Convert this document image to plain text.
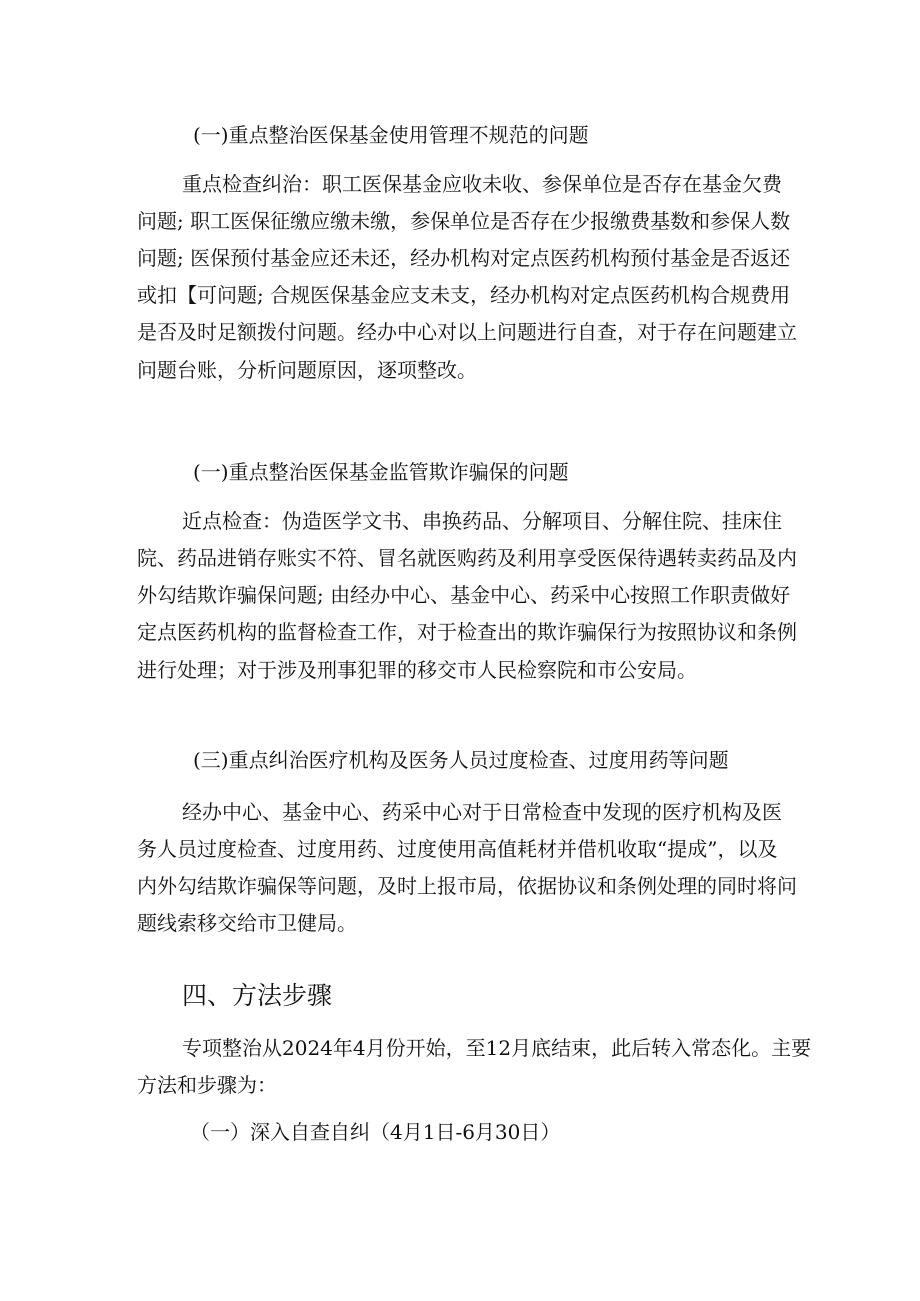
(一)重点整治医保基金使用管理不规范的问题
重点检查纠治：职工医保基金应收未收、参保单位是否存在基金欠费
问题; 职工医保征缴应缴未缴，参保单位是否存在少报缴费基数和参保人数
问题; 医保预付基金应还未还，经办机构对定点医药机构预付基金是否返还
或扣【可问题; 合规医保基金应支未支，经办机构对定点医药机构合规费用
是否及时足额拨付问题。经办中心对以上问题进行自查，对于存在问题建立
问题台账，分析问题原因，逐项整改。
(一)重点整治医保基金监管欺诈骗保的问题
近点检查：伪造医学文书、串换药品、分解项目、分解住院、挂床住
院、药品进销存账实不符、冒名就医购药及利用享受医保待遇转卖药品及内
外勾结欺诈骗保问题; 由经办中心、基金中心、药采中心按照工作职责做好
定点医药机构的监督检查工作，对于检查出的欺诈骗保行为按照协议和条例
进行处理；对于涉及刑事犯罪的移交市人民检察院和市公安局。
(三)重点纠治医疗机构及医务人员过度检查、过度用药等问题
经办中心、基金中心、药采中心对于日常检查中发现的医疗机构及医
务人员过度检查、过度用药、过度使用高值耗材并借机收取“提成”，以及
内外勾结欺诈骗保等问题，及时上报市局，依据协议和条例处理的同时将问
题线索移交给市卫健局。
四、方法步骤
专项整治从2024年4月份开始，至12月底结束，此后转入常态化。主要
方法和步骤为：
（一）深入自查自纠（4月1日-6月30日）
